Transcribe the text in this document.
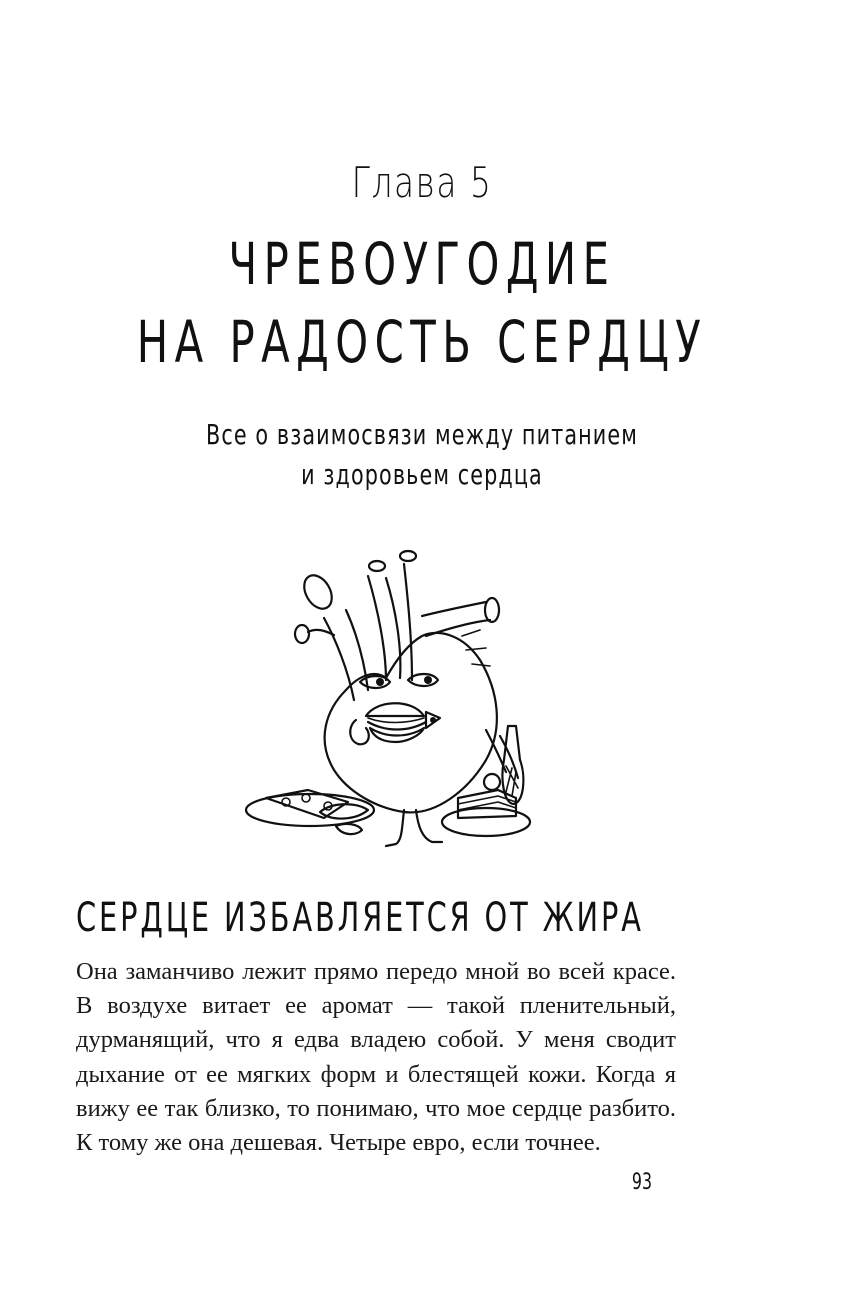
Глава 5
ЧРЕВОУГОДИЕ
НА РАДОСТЬ СЕРДЦУ
Все о взаимосвязи между питанием
и здоровьем сердца
СЕРДЦЕ ИЗБАВЛЯЕТСЯ ОТ ЖИРА

Она заманчиво лежит прямо передо мной во всей красе. В воздухе витает ее аромат — такой пленительный, дурманящий, что я едва владею собой. У меня сводит дыхание от ее мягких форм и блестящей кожи. Когда я вижу ее так близко, то понимаю, что мое сердце разбито. К тому же она дешевая. Четыре евро, если точнее.

93
